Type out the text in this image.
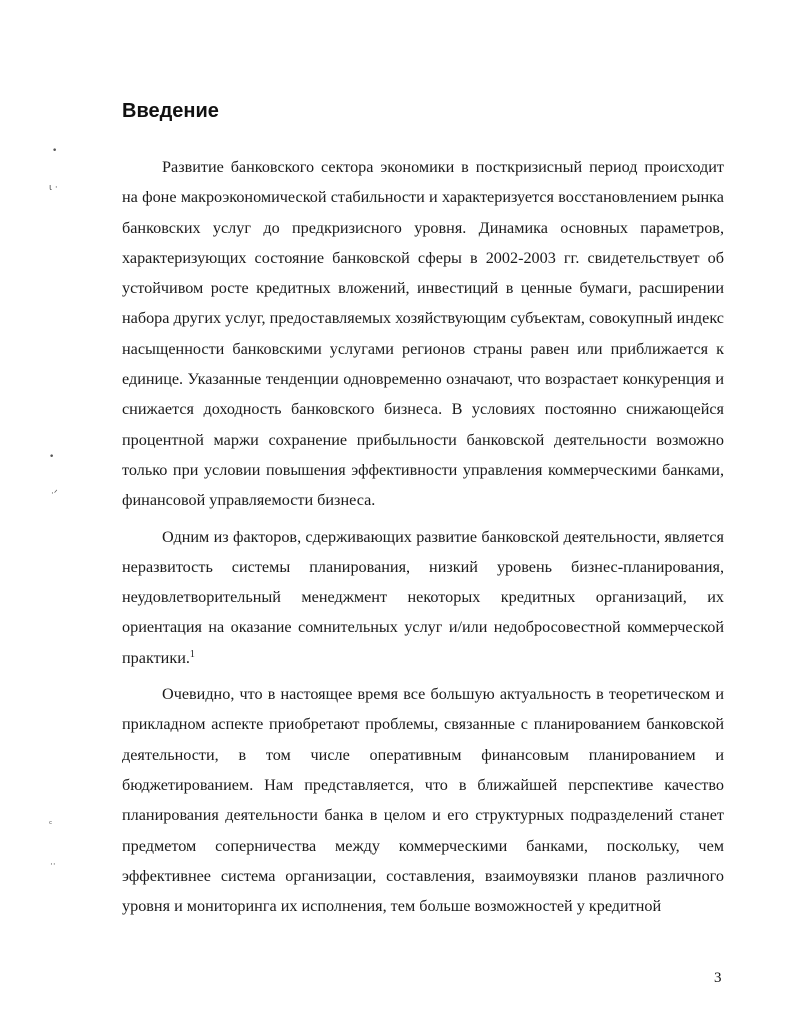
•
ɩ ·
•
·ᐟ
ᶜ
··
Введение

Развитие банковского сектора экономики в посткризисный период происходит на фоне макроэкономической стабильности и характеризуется восстановлением рынка банковских услуг до предкризисного уровня. Динамика основных параметров, характеризующих состояние банковской сферы в 2002-2003 гг. свидетельствует об устойчивом росте кредитных вложений, инвестиций в ценные бумаги, расширении набора других услуг, предоставляемых хозяйствующим субъектам, совокупный индекс насыщенности банковскими услугами регионов страны равен или приближается к единице. Указанные тенденции одновременно означают, что возрастает конкуренция и снижается доходность банковского бизнеса. В условиях постоянно снижающейся процентной маржи сохранение прибыльности банковской деятельности возможно только при условии повышения эффективности управления коммерческими банками, финансовой управляемости бизнеса.

Одним из факторов, сдерживающих развитие банковской деятельности, является неразвитость системы планирования, низкий уровень бизнес-планирования, неудовлетворительный менеджмент некоторых кредитных организаций, их ориентация на оказание сомнительных услуг и/или недобросовестной коммерческой практики.$^1$

Очевидно, что в настоящее время все большую актуальность в теоретическом и прикладном аспекте приобретают проблемы, связанные с планированием банковской деятельности, в том числе оперативным финансовым планированием и бюджетированием. Нам представляется, что в ближайшей перспективе качество планирования деятельности банка в целом и его структурных подразделений станет предметом соперничества между коммерческими банками, поскольку, чем эффективнее система организации, составления, взаимоувязки планов различного уровня и мониторинга их исполнения, тем больше возможностей у кредитной

3
